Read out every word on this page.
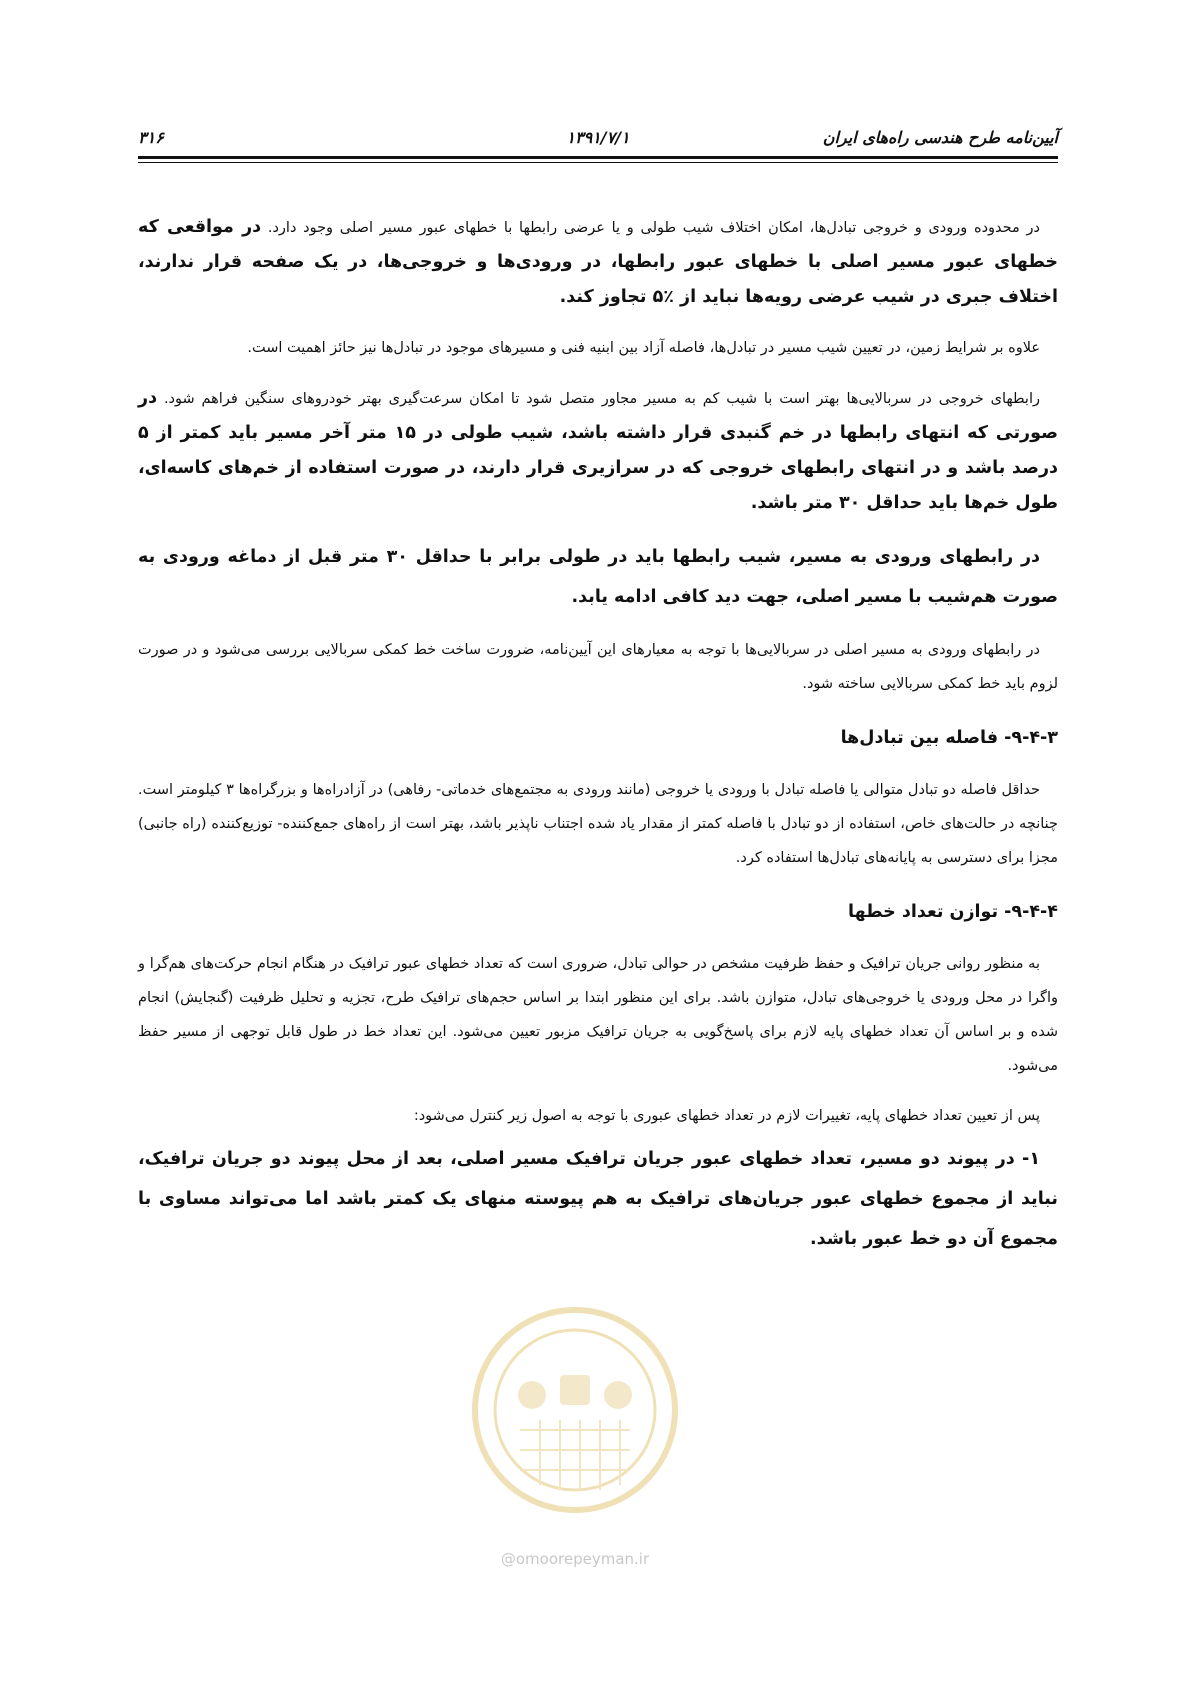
آیین‌نامه طرح هندسی راه‌های ایران
۱۳۹۱/۷/۱
۳۱۶

در محدوده ورودی و خروجی تبادل‌ها، امکان اختلاف شیب طولی و یا عرضی رابطها با خطهای عبور مسیر اصلی وجود دارد. در مواقعی که خطهای عبور مسیر اصلی با خطهای عبور رابطها، در ورودی‌ها و خروجی‌ها، در یک صفحه قرار ندارند، اختلاف جبری در شیب عرضی رویه‌ها نباید از ٪۵ تجاوز کند.

علاوه بر شرایط زمین، در تعیین شیب مسیر در تبادل‌ها، فاصله آزاد بین ابنیه فنی و مسیرهای موجود در تبادل‌ها نیز حائز اهمیت است.

رابطهای خروجی در سربالایی‌ها بهتر است با شیب کم به مسیر مجاور متصل شود تا امکان سرعت‌گیری بهتر خودروهای سنگین فراهم شود. در صورتی که انتهای رابطها در خم گنبدی قرار داشته باشد، شیب طولی در ۱۵ متر آخر مسیر باید کمتر از ۵ درصد باشد و در انتهای رابطهای خروجی که در سرازیری قرار دارند، در صورت استفاده از خم‌های کاسه‌ای، طول خم‌ها باید حداقل ۳۰ متر باشد.

در رابطهای ورودی به مسیر، شیب رابطها باید در طولی برابر با حداقل ۳۰ متر قبل از دماغه ورودی به صورت هم‌شیب با مسیر اصلی، جهت دید کافی ادامه یابد.

در رابطهای ورودی به مسیر اصلی در سربالایی‌ها با توجه به معیارهای این آیین‌نامه، ضرورت ساخت خط کمکی سربالایی بررسی می‌شود و در صورت لزوم باید خط کمکی سربالایی ساخته شود.

۹-۴-۳- فاصله بین تبادل‌ها

حداقل فاصله دو تبادل متوالی یا فاصله تبادل با ورودی یا خروجی (مانند ورودی به مجتمع‌های خدماتی- رفاهی) در آزادراه‌ها و بزرگراه‌ها ۳ کیلومتر است. چنانچه در حالت‌های خاص، استفاده از دو تبادل با فاصله کمتر از مقدار یاد شده اجتناب ناپذیر باشد، بهتر است از راه‌های جمع‌کننده- توزیع‌کننده (راه جانبی) مجزا برای دسترسی به پایانه‌های تبادل‌ها استفاده کرد.

۹-۴-۴- توازن تعداد خطها

به منظور روانی جریان ترافیک و حفظ ظرفیت مشخص در حوالی تبادل، ضروری است که تعداد خطهای عبور ترافیک در هنگام انجام حرکت‌های هم‌گرا و واگرا در محل ورودی یا خروجی‌های تبادل، متوازن باشد. برای این منظور ابتدا بر اساس حجم‌های ترافیک طرح، تجزیه و تحلیل ظرفیت (گنجایش) انجام شده و بر اساس آن تعداد خطهای پایه لازم برای پاسخ‌گویی به جریان ترافیک مزبور تعیین می‌شود. این تعداد خط در طول قابل توجهی از مسیر حفظ می‌شود.

پس از تعیین تعداد خطهای پایه، تغییرات لازم در تعداد خطهای عبوری با توجه به اصول زیر کنترل می‌شود:

۱- در پیوند دو مسیر، تعداد خطهای عبور جریان ترافیک مسیر اصلی، بعد از محل پیوند دو جریان ترافیک، نباید از مجموع خطهای عبور جریان‌های ترافیک به هم پیوسته منهای یک کمتر باشد اما می‌تواند مساوی با مجموع آن دو خط عبور باشد.

@omoorepeyman.ir
